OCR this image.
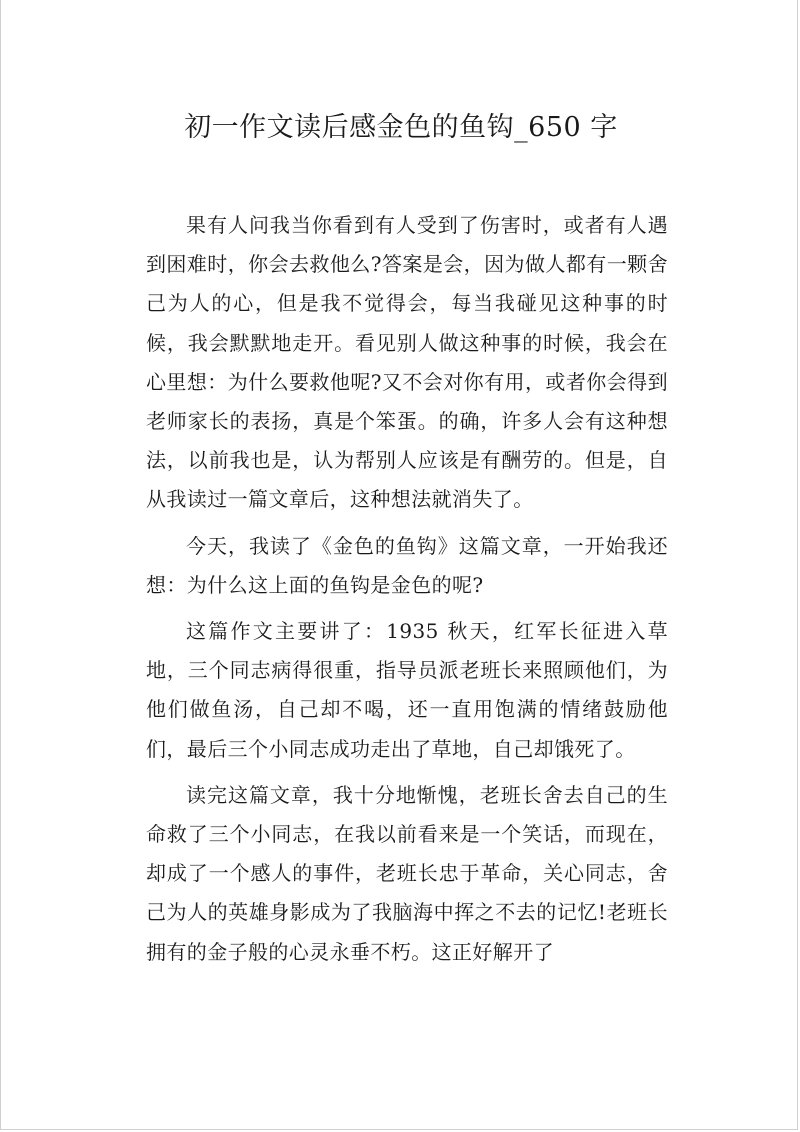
初一作文读后感金色的鱼钩_650 字

果有人问我当你看到有人受到了伤害时，或者有人遇到困难时，你会去救他么?答案是会，因为做人都有一颗舍己为人的心，但是我不觉得会，每当我碰见这种事的时候，我会默默地走开。看见别人做这种事的时候，我会在心里想：为什么要救他呢?又不会对你有用，或者你会得到老师家长的表扬，真是个笨蛋。的确，许多人会有这种想法，以前我也是，认为帮别人应该是有酬劳的。但是，自从我读过一篇文章后，这种想法就消失了。

今天，我读了《金色的鱼钩》这篇文章，一开始我还想：为什么这上面的鱼钩是金色的呢?

这篇作文主要讲了：1935 秋天，红军长征进入草地，三个同志病得很重，指导员派老班长来照顾他们，为他们做鱼汤，自己却不喝，还一直用饱满的情绪鼓励他们，最后三个小同志成功走出了草地，自己却饿死了。

读完这篇文章，我十分地惭愧，老班长舍去自己的生命救了三个小同志，在我以前看来是一个笑话，而现在，却成了一个感人的事件，老班长忠于革命，关心同志，舍己为人的英雄身影成为了我脑海中挥之不去的记忆!老班长拥有的金子般的心灵永垂不朽。这正好解开了
